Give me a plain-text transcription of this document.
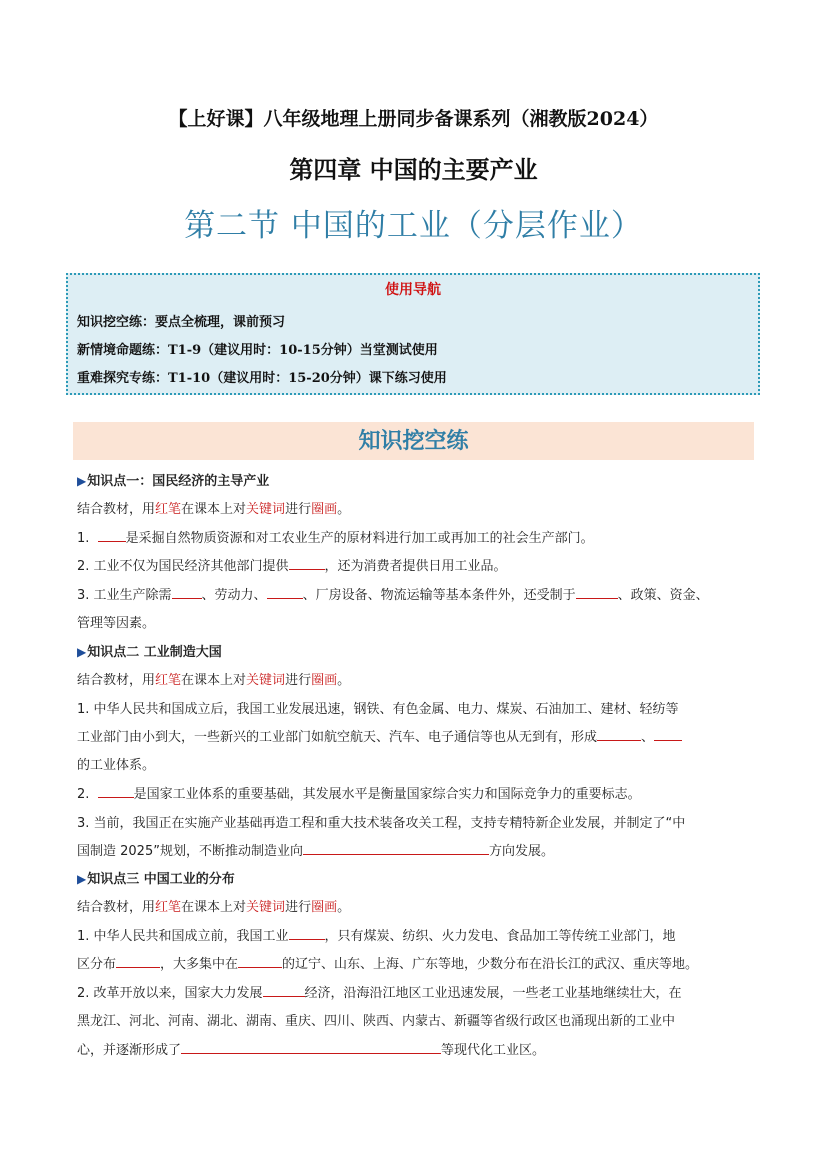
【上好课】八年级地理上册同步备课系列（湘教版2024）
第四章 中国的主要产业
第二节 中国的工业（分层作业）
使用导航
知识挖空练：要点全梳理，课前预习
新情境命题练：T1-9（建议用时：10-15分钟）当堂测试使用
重难探究专练：T1-10（建议用时：15-20分钟）课下练习使用
知识挖空练
▶知识点一：国民经济的主导产业
结合教材，用红笔在课本上对关键词进行圈画。
1.	是采掘自然物质资源和对工农业生产的原材料进行加工或再加工的社会生产部门。
2. 工业不仅为国民经济其他部门提供	，还为消费者提供日用工业品。
3. 工业生产除需 、劳动力、	、厂房设备、物流运输等基本条件外，还受制于	、政策、资金、
管理等因素。
▶知识点二 工业制造大国
结合教材，用红笔在课本上对关键词进行圈画。
1. 中华人民共和国成立后，我国工业发展迅速，钢铁、有色金属、电力、煤炭、石油加工、建材、轻纺等
工业部门由小到大，一些新兴的工业部门如航空航天、汽车、电子通信等也从无到有，形成	、
的工业体系。
2.	是国家工业体系的重要基础，其发展水平是衡量国家综合实力和国际竞争力的重要标志。
3. 当前，我国正在实施产业基础再造工程和重大技术装备攻关工程，支持专精特新企业发展，并制定了“中
国制造 2025”规划，不断推动制造业向	方向发展。
▶知识点三 中国工业的分布
结合教材，用红笔在课本上对关键词进行圈画。
1. 中华人民共和国成立前，我国工业	，只有煤炭、纺织、火力发电、食品加工等传统工业部门，地
区分布	，大多集中在	的辽宁、山东、上海、广东等地，少数分布在沿长江的武汉、重庆等地。
2. 改革开放以来，国家大力发展	经济，沿海沿江地区工业迅速发展，一些老工业基地继续壮大，在
黑龙江、河北、河南、湖北、湖南、重庆、四川、陕西、内蒙古、新疆等省级行政区也涌现出新的工业中
心，并逐渐形成了	等现代化工业区。
